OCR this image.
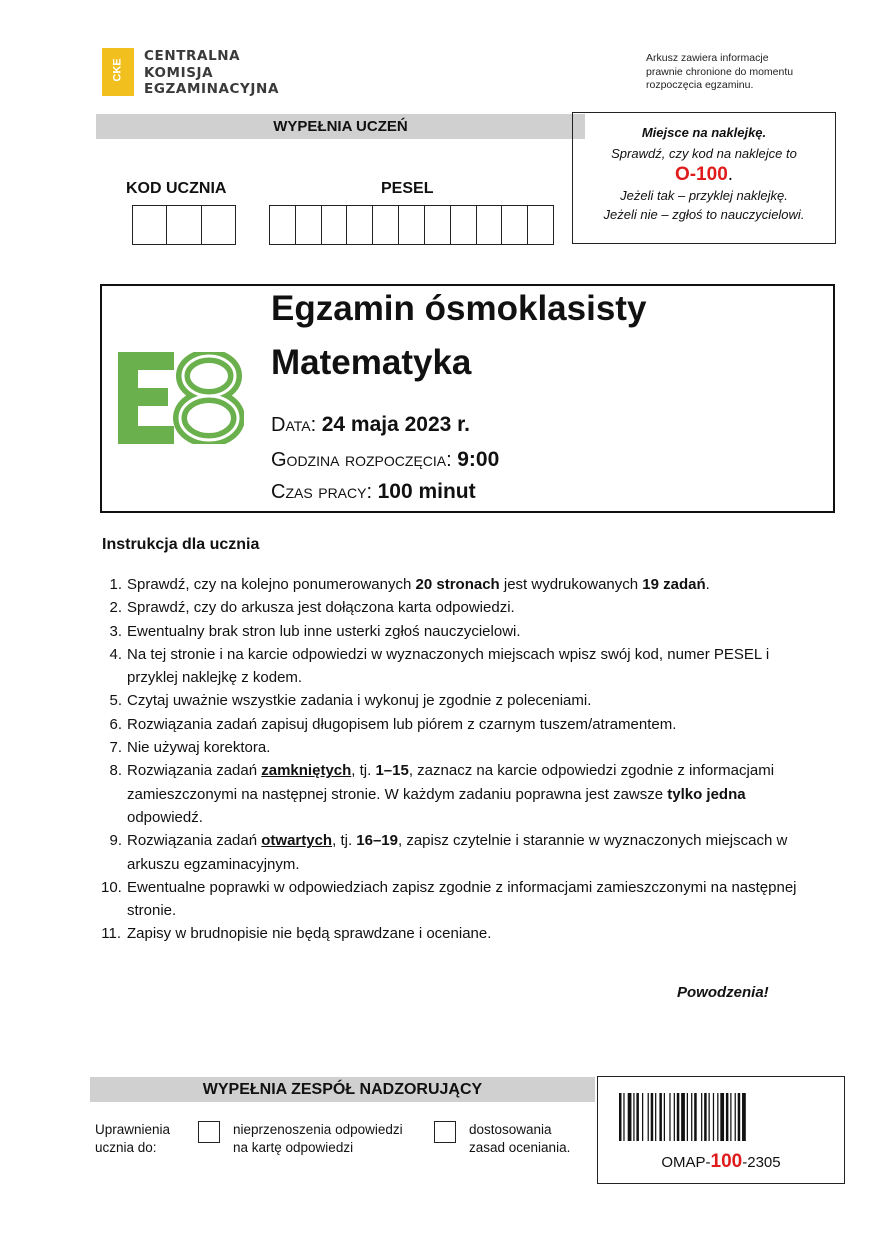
CKE
CENTRALNA
KOMISJA
EGZAMINACYJNA
Arkusz zawiera informacje
prawnie chronione do momentu
rozpoczęcia egzaminu.
WYPEŁNIA UCZEŃ
KOD UCZNIA	PESEL
Miejsce na naklejkę.
Sprawdź, czy kod na naklejce to
O-100.
Jeżeli tak – przyklej naklejkę.
Jeżeli nie – zgłoś to nauczycielowi.
Egzamin ósmoklasisty
Matematyka
Data: 24 maja 2023 r.
Godzina rozpoczęcia: 9:00
Czas pracy: 100 minut
Instrukcja dla ucznia
1. Sprawdź, czy na kolejno ponumerowanych 20 stronach jest wydrukowanych 19 zadań.
2. Sprawdź, czy do arkusza jest dołączona karta odpowiedzi.
3. Ewentualny brak stron lub inne usterki zgłoś nauczycielowi.
4. Na tej stronie i na karcie odpowiedzi w wyznaczonych miejscach wpisz swój kod, numer PESEL i przyklej naklejkę z kodem.
5. Czytaj uważnie wszystkie zadania i wykonuj je zgodnie z poleceniami.
6. Rozwiązania zadań zapisuj długopisem lub piórem z czarnym tuszem/atramentem.
7. Nie używaj korektora.
8. Rozwiązania zadań zamkniętych, tj. 1–15, zaznacz na karcie odpowiedzi zgodnie z informacjami zamieszczonymi na następnej stronie. W każdym zadaniu poprawna jest zawsze tylko jedna odpowiedź.
9. Rozwiązania zadań otwartych, tj. 16–19, zapisz czytelnie i starannie w wyznaczonych miejscach w arkuszu egzaminacyjnym.
10. Ewentualne poprawki w odpowiedziach zapisz zgodnie z informacjami zamieszczonymi na następnej stronie.
11. Zapisy w brudnopisie nie będą sprawdzane i oceniane.
Powodzenia!
WYPEŁNIA ZESPÓŁ NADZORUJĄCY
Uprawnienia
ucznia do:
nieprzenoszenia odpowiedzi
na kartę odpowiedzi
dostosowania
zasad oceniania.
OMAP-100-2305
